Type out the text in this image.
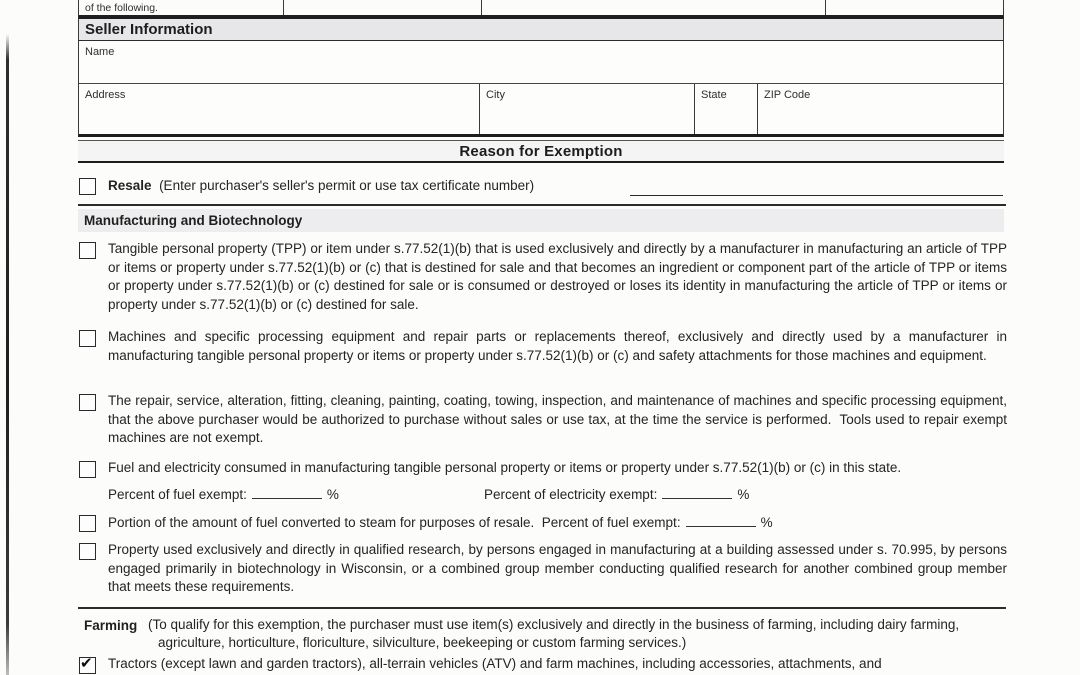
of the following.
Seller Information
Name
Address	City	State	ZIP Code
Reason for Exemption
Resale (Enter purchaser's seller's permit or use tax certificate number)
Manufacturing and Biotechnology
Tangible personal property (TPP) or item under s.77.52(1)(b) that is used exclusively and directly by a manufacturer in manufacturing an article of TPP or items or property under s.77.52(1)(b) or (c) that is destined for sale and that becomes an ingredient or component part of the article of TPP or items or property under s.77.52(1)(b) or (c) destined for sale or is consumed or destroyed or loses its identity in manufacturing the article of TPP or items or property under s.77.52(1)(b) or (c) destined for sale.
Machines and specific processing equipment and repair parts or replacements thereof, exclusively and directly used by a manufacturer in manufacturing tangible personal property or items or property under s.77.52(1)(b) or (c) and safety attachments for those machines and equipment.
The repair, service, alteration, fitting, cleaning, painting, coating, towing, inspection, and maintenance of machines and specific processing equipment, that the above purchaser would be authorized to purchase without sales or use tax, at the time the service is performed.  Tools used to repair exempt machines are not exempt.
Fuel and electricity consumed in manufacturing tangible personal property or items or property under s.77.52(1)(b) or (c) in this state.
Percent of fuel exempt:	%	Percent of electricity exempt:	%
Portion of the amount of fuel converted to steam for purposes of resale.  Percent of fuel exempt:	%
Property used exclusively and directly in qualified research, by persons engaged in manufacturing at a building assessed under s. 70.995, by persons engaged primarily in biotechnology in Wisconsin, or a combined group member conducting qualified research for another combined group member that meets these requirements.
Farming (To qualify for this exemption, the purchaser must use item(s) exclusively and directly in the business of farming, including dairy farming, agriculture, horticulture, floriculture, silviculture, beekeeping or custom farming services.)
✔ Tractors (except lawn and garden tractors), all-terrain vehicles (ATV) and farm machines, including accessories, attachments, and
